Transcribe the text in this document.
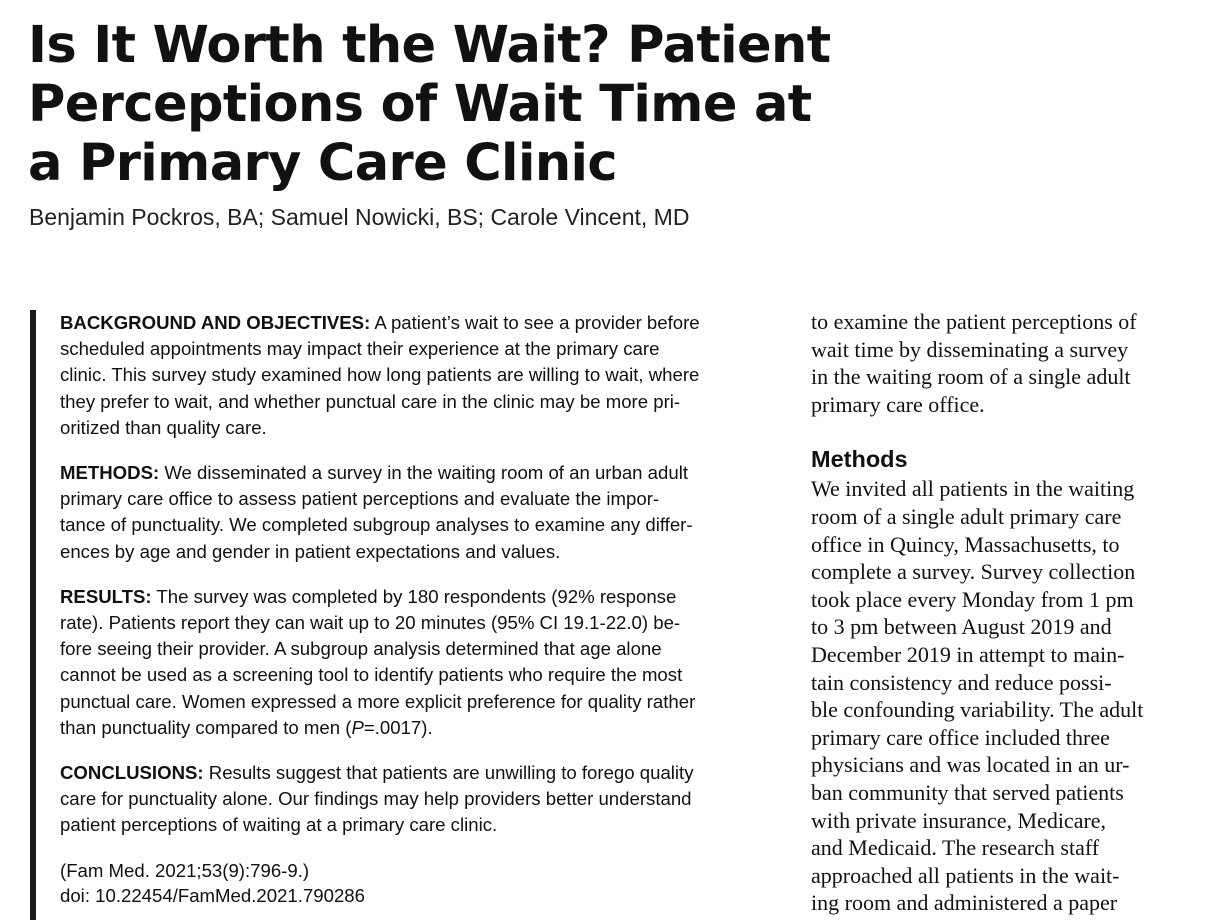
Is It Worth the Wait? Patient
Perceptions of Wait Time at
a Primary Care Clinic
Benjamin Pockros, BA; Samuel Nowicki, BS; Carole Vincent, MD
BACKGROUND AND OBJECTIVES: A patient’s wait to see a provider before
scheduled appointments may impact their experience at the primary care
clinic. This survey study examined how long patients are willing to wait, where
they prefer to wait, and whether punctual care in the clinic may be more pri-
oritized than quality care.
METHODS: We disseminated a survey in the waiting room of an urban adult
primary care office to assess patient perceptions and evaluate the impor-
tance of punctuality. We completed subgroup analyses to examine any differ-
ences by age and gender in patient expectations and values.
RESULTS: The survey was completed by 180 respondents (92% response
rate). Patients report they can wait up to 20 minutes (95% CI 19.1-22.0) be-
fore seeing their provider. A subgroup analysis determined that age alone
cannot be used as a screening tool to identify patients who require the most
punctual care. Women expressed a more explicit preference for quality rather
than punctuality compared to men (P=.0017).
CONCLUSIONS: Results suggest that patients are unwilling to forego quality
care for punctuality alone. Our findings may help providers better understand
patient perceptions of waiting at a primary care clinic.
(Fam Med. 2021;53(9):796-9.)
doi: 10.22454/FamMed.2021.790286
to examine the patient perceptions of
wait time by disseminating a survey
in the waiting room of a single adult
primary care office.
Methods
We invited all patients in the waiting
room of a single adult primary care
office in Quincy, Massachusetts, to
complete a survey. Survey collection
took place every Monday from 1 pm
to 3 pm between August 2019 and
December 2019 in attempt to main-
tain consistency and reduce possi-
ble confounding variability. The adult
primary care office included three
physicians and was located in an ur-
ban community that served patients
with private insurance, Medicare,
and Medicaid. The research staff
approached all patients in the wait-
ing room and administered a paper
